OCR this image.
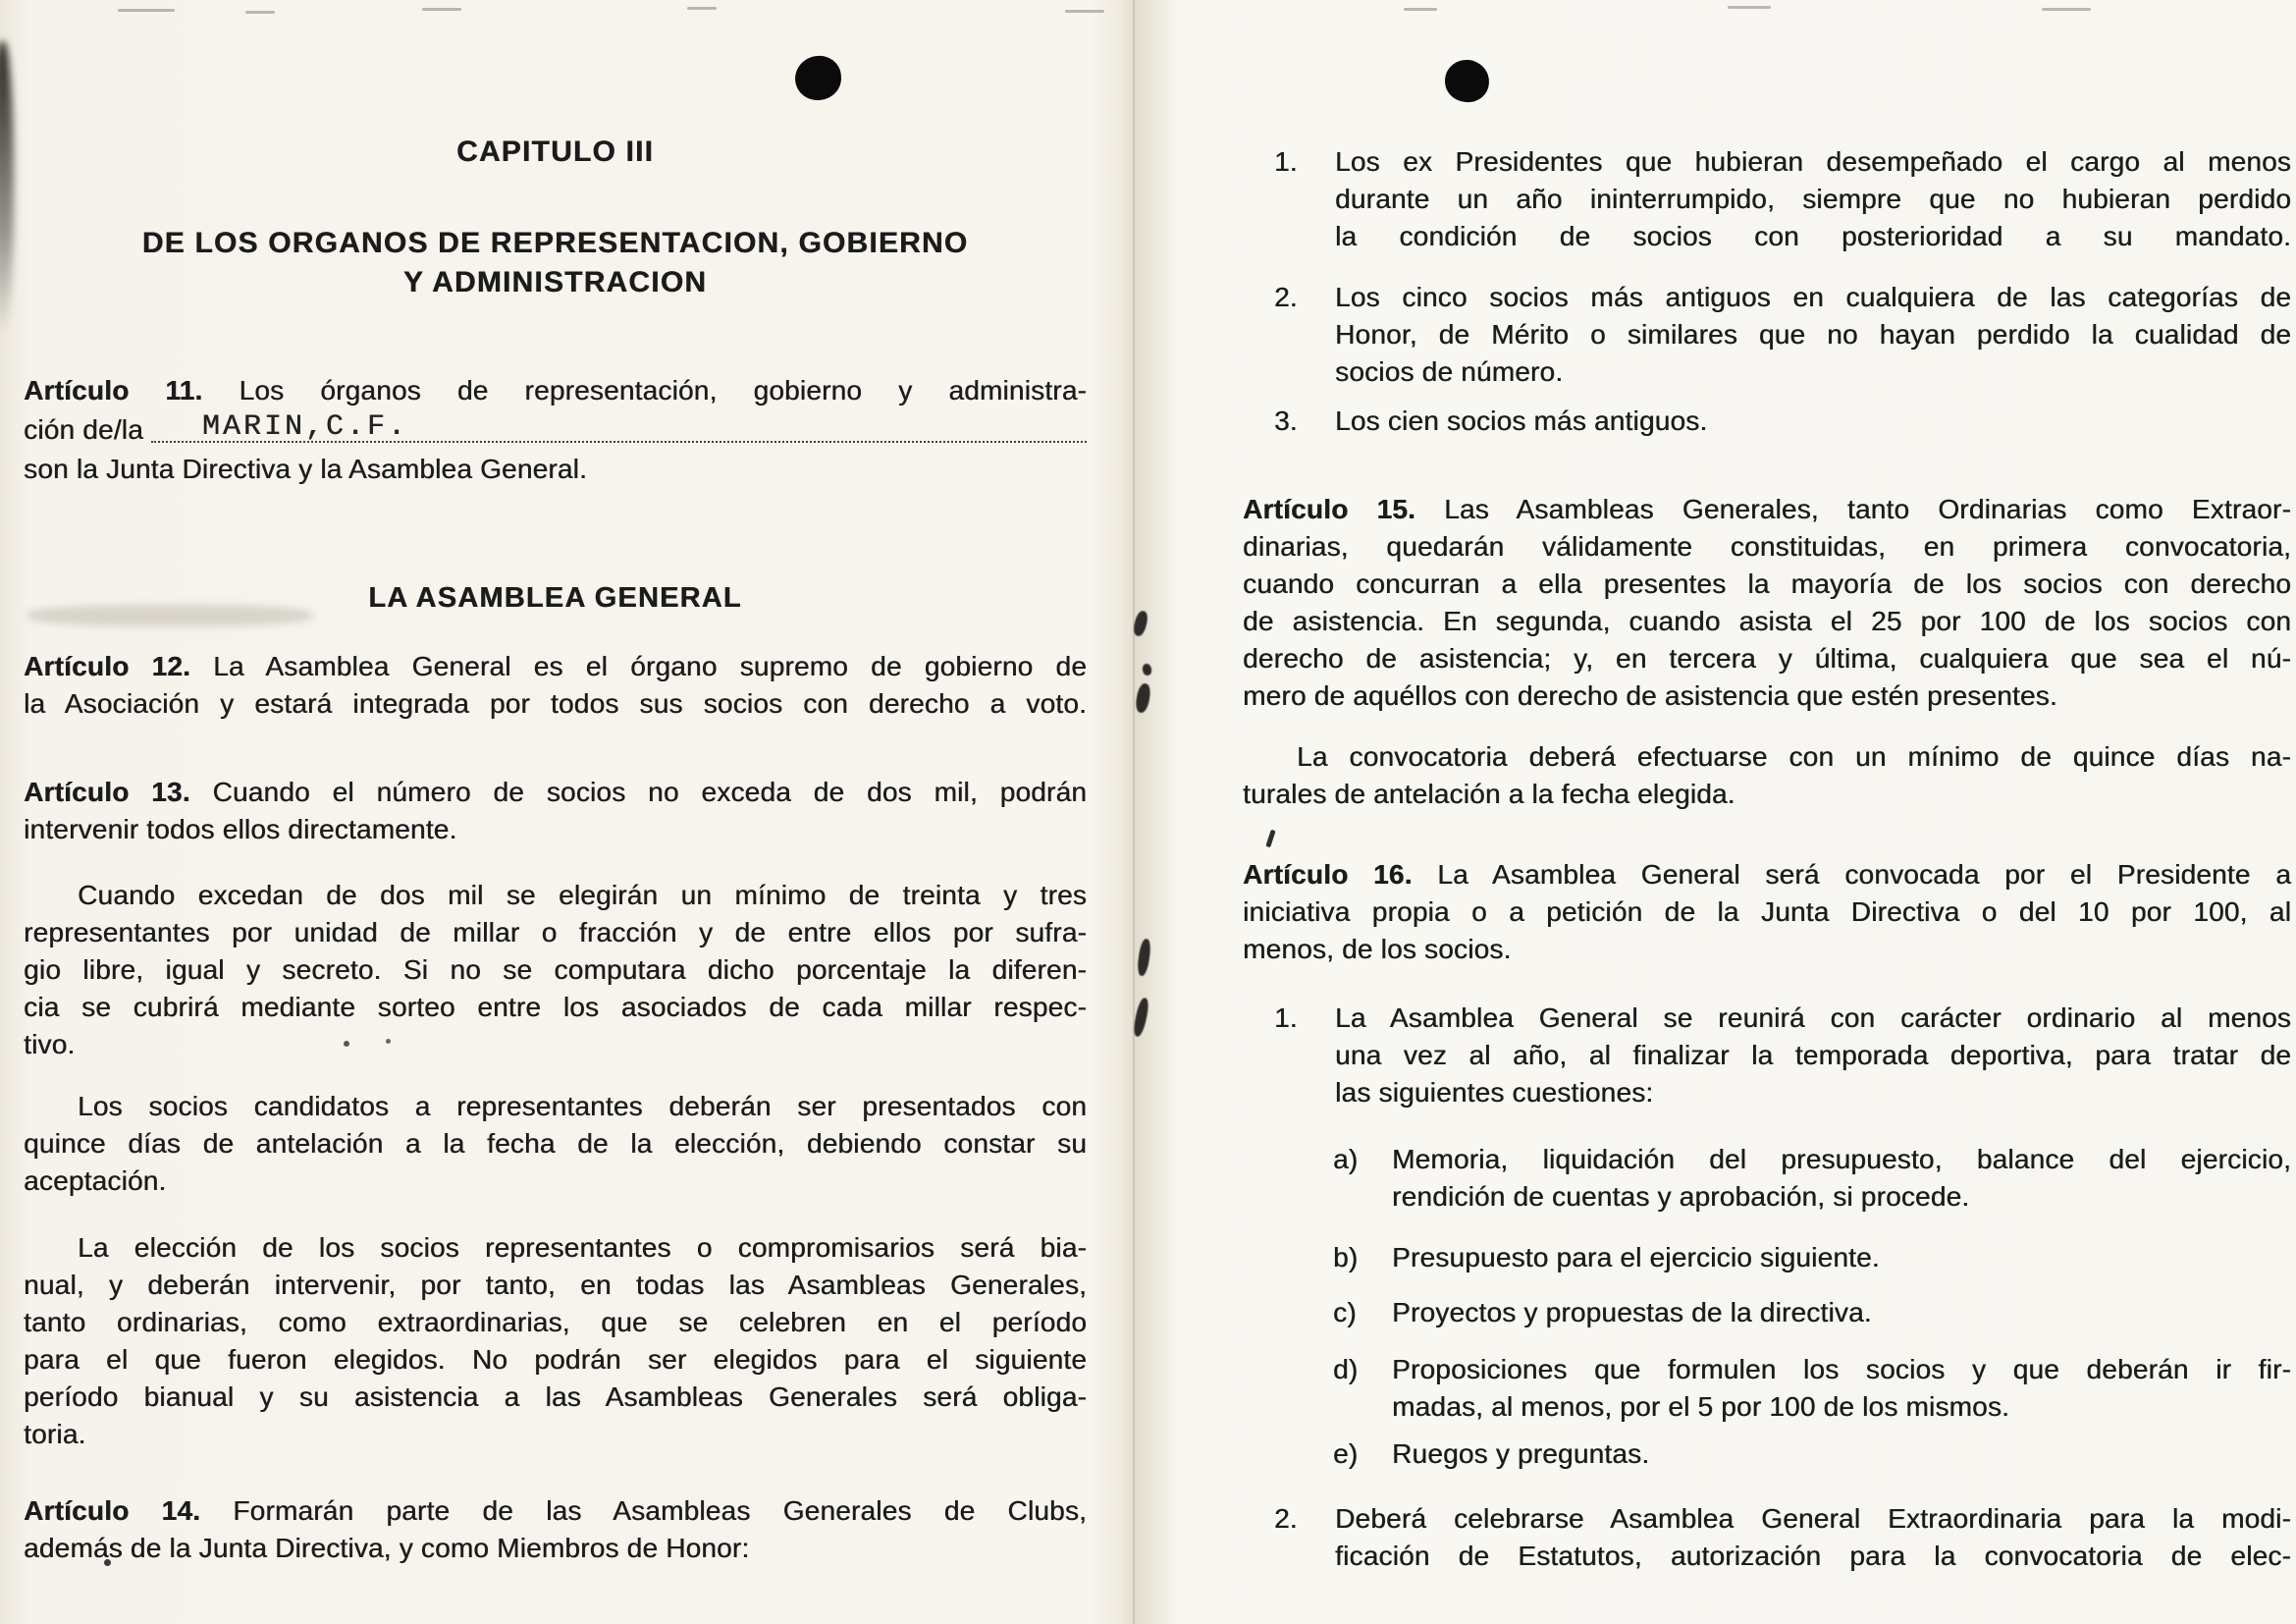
CAPITULO III
DE LOS ORGANOS DE REPRESENTACION, GOBIERNO
Y ADMINISTRACION
Artículo 11. Los órganos de representación, gobierno y administra-
ción de/la MARIN,C.F.
son la Junta Directiva y la Asamblea General.
LA ASAMBLEA GENERAL
Artículo 12. La Asamblea General es el órgano supremo de gobierno de
la Asociación y estará integrada por todos sus socios con derecho a voto.
Artículo 13. Cuando el número de socios no exceda de dos mil, podrán
intervenir todos ellos directamente.
Cuando excedan de dos mil se elegirán un mínimo de treinta y tres
representantes por unidad de millar o fracción y de entre ellos por sufra-
gio libre, igual y secreto. Si no se computara dicho porcentaje la diferen-
cia se cubrirá mediante sorteo entre los asociados de cada millar respec-
tivo.
Los socios candidatos a representantes deberán ser presentados con
quince días de antelación a la fecha de la elección, debiendo constar su
aceptación.
La elección de los socios representantes o compromisarios será bia-
nual, y deberán intervenir, por tanto, en todas las Asambleas Generales,
tanto ordinarias, como extraordinarias, que se celebren en el período
para el que fueron elegidos. No podrán ser elegidos para el siguiente
período bianual y su asistencia a las Asambleas Generales será obliga-
toria.
Artículo 14. Formarán parte de las Asambleas Generales de Clubs,
además de la Junta Directiva, y como Miembros de Honor:
1. Los ex Presidentes que hubieran desempeñado el cargo al menos
durante un año ininterrumpido, siempre que no hubieran perdido
la condición de socios con posterioridad a su mandato.
2. Los cinco socios más antiguos en cualquiera de las categorías de
Honor, de Mérito o similares que no hayan perdido la cualidad de
socios de número.
3. Los cien socios más antiguos.
Artículo 15. Las Asambleas Generales, tanto Ordinarias como Extraor-
dinarias, quedarán válidamente constituidas, en primera convocatoria,
cuando concurran a ella presentes la mayoría de los socios con derecho
de asistencia. En segunda, cuando asista el 25 por 100 de los socios con
derecho de asistencia; y, en tercera y última, cualquiera que sea el nú-
mero de aquéllos con derecho de asistencia que estén presentes.
La convocatoria deberá efectuarse con un mínimo de quince días na-
turales de antelación a la fecha elegida.
Artículo 16. La Asamblea General será convocada por el Presidente a
iniciativa propia o a petición de la Junta Directiva o del 10 por 100, al
menos, de los socios.
1. La Asamblea General se reunirá con carácter ordinario al menos
una vez al año, al finalizar la temporada deportiva, para tratar de
las siguientes cuestiones:
a) Memoria, liquidación del presupuesto, balance del ejercicio,
rendición de cuentas y aprobación, si procede.
b) Presupuesto para el ejercicio siguiente.
c) Proyectos y propuestas de la directiva.
d) Proposiciones que formulen los socios y que deberán ir fir-
madas, al menos, por el 5 por 100 de los mismos.
e) Ruegos y preguntas.
2. Deberá celebrarse Asamblea General Extraordinaria para la modi-
ficación de Estatutos, autorización para la convocatoria de elec-
